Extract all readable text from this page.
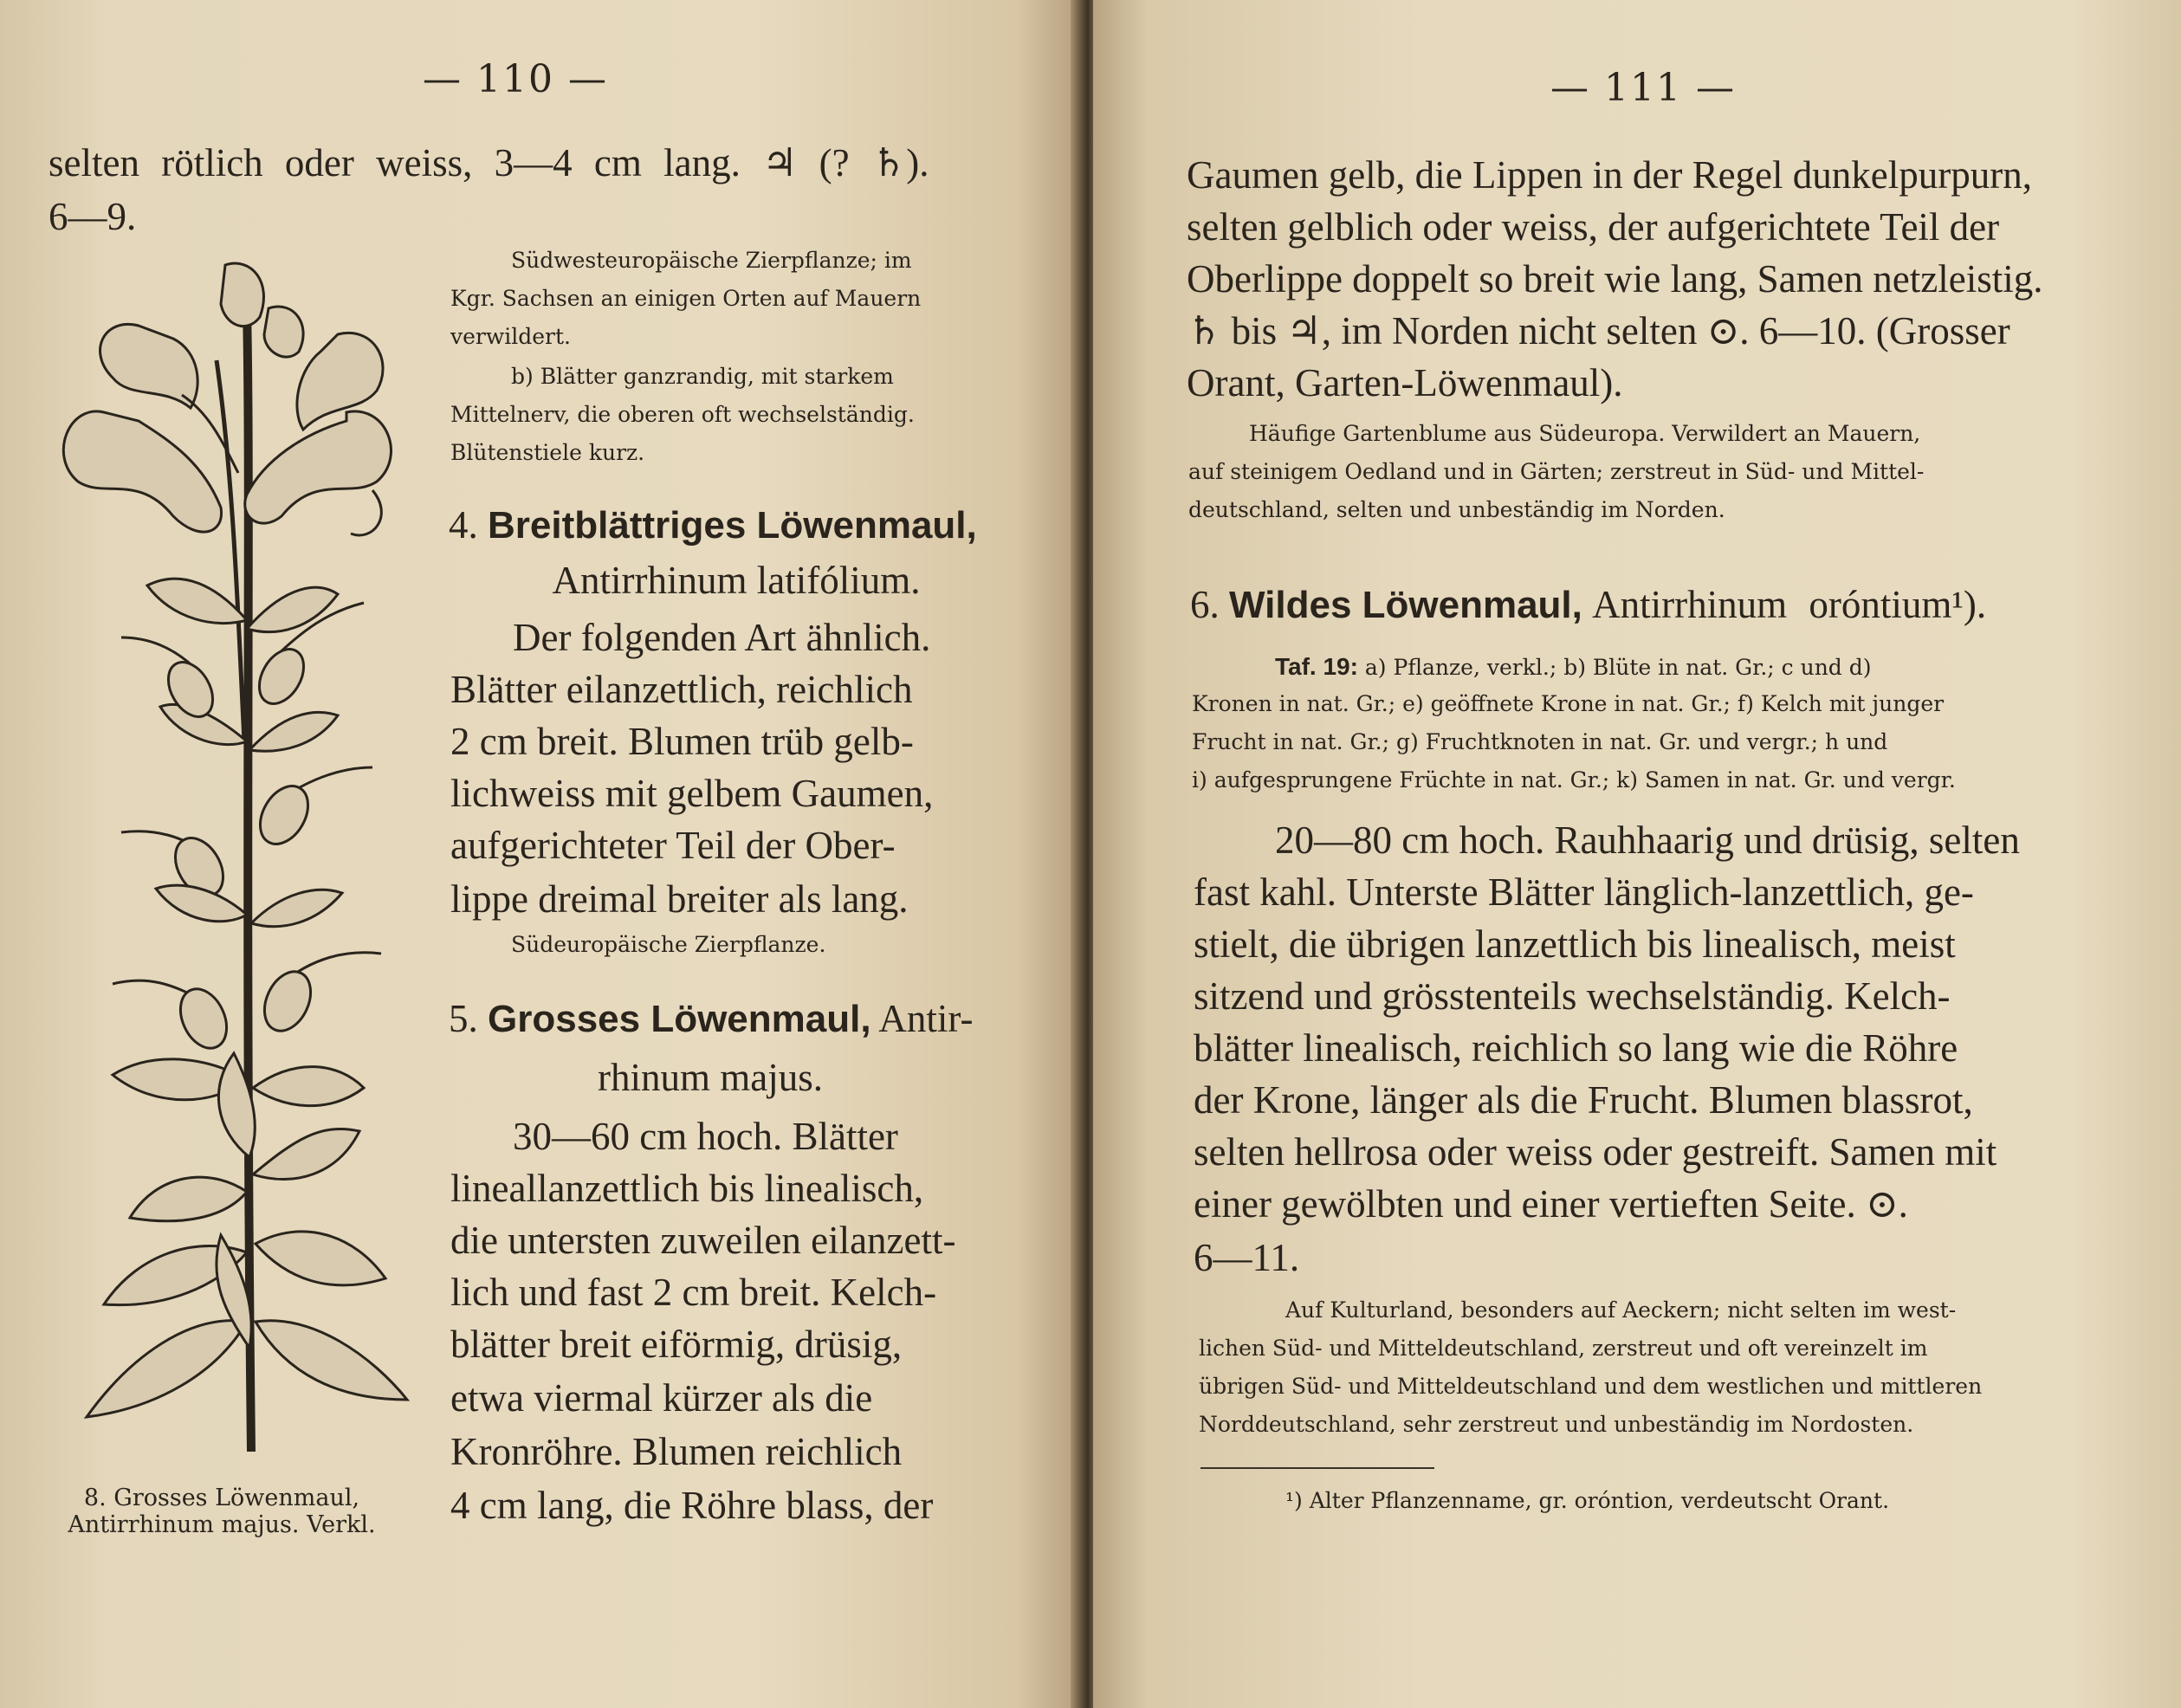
— 110 —
selten rötlich oder weiss, 3—4 cm lang. ♃ (? ♄).
6—9.
8. Grosses Löwenmaul,
Antirrhinum majus. Verkl.
Südwesteuropäische Zierpflanze; im
Kgr. Sachsen an einigen Orten auf Mauern
verwildert.
b) Blätter ganzrandig, mit starkem
Mittelnerv, die oberen oft wechselständig.
Blütenstiele kurz.
4. Breitblättriges Löwenmaul,
Antirrhinum latifólium.
Der folgenden Art ähnlich.
Blätter eilanzettlich, reichlich
2 cm breit. Blumen trüb gelb-
lichweiss mit gelbem Gaumen,
aufgerichteter Teil der Ober-
lippe dreimal breiter als lang.
Südeuropäische Zierpflanze.
5. Grosses Löwenmaul, Antir-
rhinum majus.
30—60 cm hoch. Blätter
lineallanzettlich bis linealisch,
die untersten zuweilen eilanzett-
lich und fast 2 cm breit. Kelch-
blätter breit eiförmig, drüsig,
etwa viermal kürzer als die
Kronröhre. Blumen reichlich
4 cm lang, die Röhre blass, der
— 111 —
Gaumen gelb, die Lippen in der Regel dunkelpurpurn,
selten gelblich oder weiss, der aufgerichtete Teil der
Oberlippe doppelt so breit wie lang, Samen netzleistig.
♄ bis ♃, im Norden nicht selten ⊙. 6—10. (Grosser
Orant, Garten-Löwenmaul).
Häufige Gartenblume aus Südeuropa. Verwildert an Mauern,
auf steinigem Oedland und in Gärten; zerstreut in Süd- und Mittel-
deutschland, selten und unbeständig im Norden.
6. Wildes Löwenmaul, Antirrhinum oróntium¹).
Taf. 19: a) Pflanze, verkl.; b) Blüte in nat. Gr.; c und d)
Kronen in nat. Gr.; e) geöffnete Krone in nat. Gr.; f) Kelch mit junger
Frucht in nat. Gr.; g) Fruchtknoten in nat. Gr. und vergr.; h und
i) aufgesprungene Früchte in nat. Gr.; k) Samen in nat. Gr. und vergr.
20—80 cm hoch. Rauhhaarig und drüsig, selten
fast kahl. Unterste Blätter länglich-lanzettlich, ge-
stielt, die übrigen lanzettlich bis linealisch, meist
sitzend und grösstenteils wechselständig. Kelch-
blätter linealisch, reichlich so lang wie die Röhre
der Krone, länger als die Frucht. Blumen blassrot,
selten hellrosa oder weiss oder gestreift. Samen mit
einer gewölbten und einer vertieften Seite. ⊙.
6—11.
Auf Kulturland, besonders auf Aeckern; nicht selten im west-
lichen Süd- und Mitteldeutschland, zerstreut und oft vereinzelt im
übrigen Süd- und Mitteldeutschland und dem westlichen und mittleren
Norddeutschland, sehr zerstreut und unbeständig im Nordosten.
¹) Alter Pflanzenname, gr. oróntion, verdeutscht Orant.
